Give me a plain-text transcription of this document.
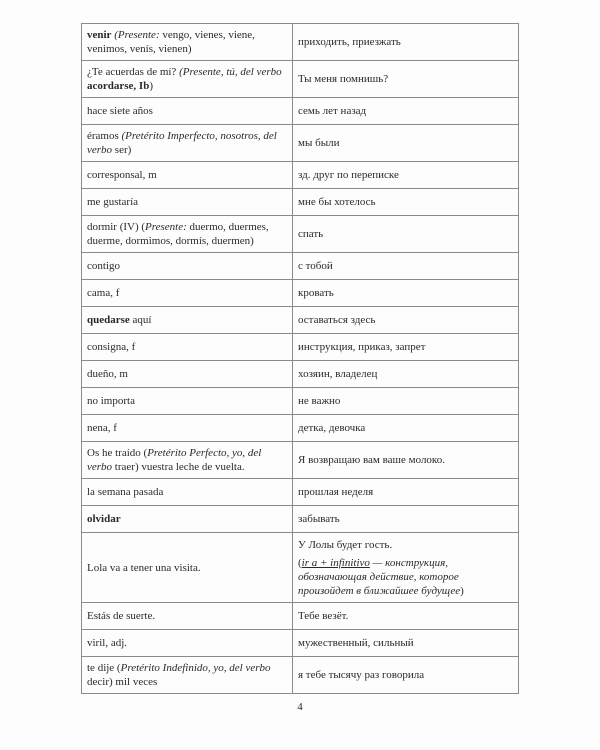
venir (Presente: vengo, vienes, viene, venimos, venís, vienen)	приходить, приезжать
¿Te acuerdas de mí? (Presente, tú, del verbo acordarse, Ib)	Ты меня помнишь?
hace siete años	семь лет назад
éramos (Pretérito Imperfecto, nosotros, del verbo ser)	мы были
corresponsal, m	зд. друг по переписке
me gustaría	мне бы хотелось
dormir (IV) (Presente: duermo, duermes, duerme, dormimos, dormís, duermen)	спать
contigo	с тобой
cama, f	кровать
quedarse aquí	оставаться здесь
consigna, f	инструкция, приказ, запрет
dueño, m	хозяин, владелец
no importa	не важно
nena, f	детка, девочка
Os he traído (Pretérito Perfecto, yo, del verbo traer) vuestra leche de vuelta.	Я возвращаю вам ваше молоко.
la semana pasada	прошлая неделя
olvidar	забывать
Lola va a tener una visita.	У Лолы будет гость.
(ir a + infinitivo — конструкция, обозначающая действие, которое произойдет в ближайшее будущее)

Estás de suerte.	Тебе везёт.
viril, adj.	мужественный, сильный
te dije (Pretérito Indefinido, yo, del verbo decir) mil veces	я тебе тысячу раз говорила
4
